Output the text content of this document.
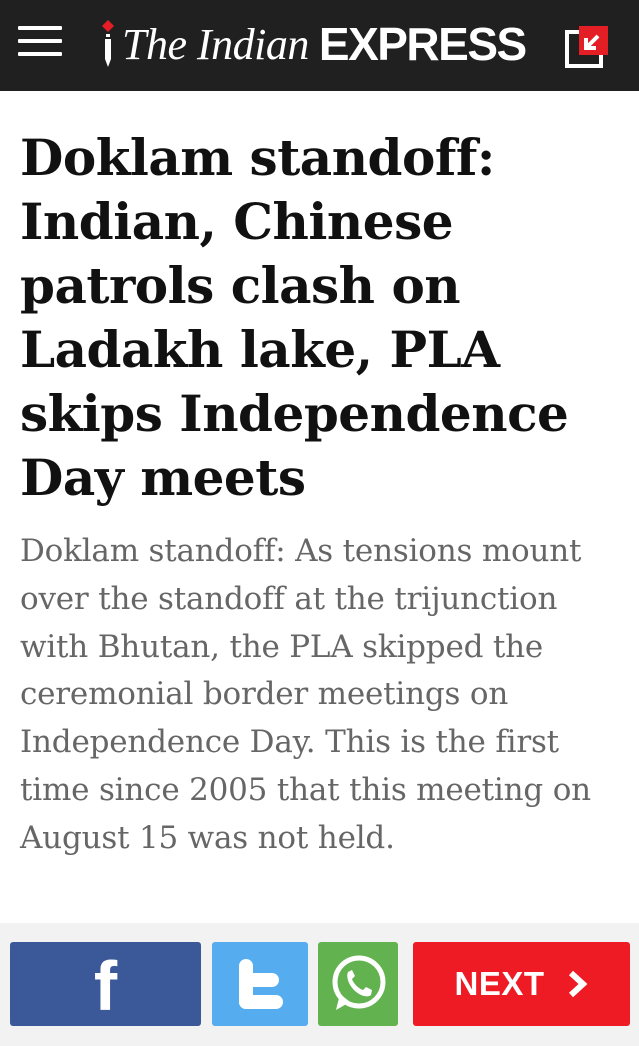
The Indian EXPRESS
Doklam standoff: Indian, Chinese patrols clash on Ladakh lake, PLA skips Independence Day meets

Doklam standoff: As tensions mount over the standoff at the trijunction with Bhutan, the PLA skipped the ceremonial border meetings on Independence Day. This is the first time since 2005 that this meeting on August 15 was not held.

f	NEXT
